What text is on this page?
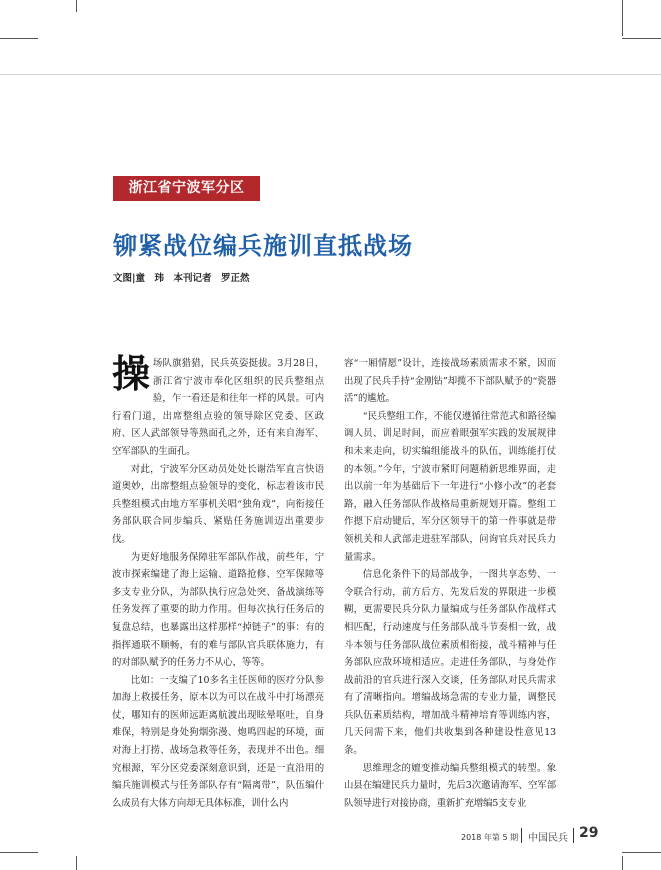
浙江省宁波军分区
铆紧战位编兵施训直抵战场
文图|童　玮　本刊记者　罗正然

操场队旗猎猎，民兵英姿挺拔。3月28日，浙江省宁波市奉化区组织的民兵整组点验，乍一看还是和往年一样的风景。可内行看门道，出席整组点验的领导除区党委、区政府、区人武部领导等熟面孔之外，还有来自海军、空军部队的生面孔。

对此，宁波军分区动员处处长谢浩军直言快语道奥妙，出席整组点验领导的变化，标志着该市民兵整组模式由地方军事机关唱“独角戏”，向衔接任务部队联合同步编兵、紧贴任务施训迈出重要步伐。

为更好地服务保障驻军部队作战，前些年，宁波市探索编建了海上运输、道路抢修、空军保障等多支专业分队，为部队执行应急处突、备战演练等任务发挥了重要的助力作用。但每次执行任务后的复盘总结，也暴露出这样那样“掉链子”的事：有的指挥通联不顺畅，有的难与部队官兵联体施力，有的对部队赋予的任务力不从心，等等。

比如：一支编了10多名主任医师的医疗分队参加海上救援任务，原本以为可以在战斗中打场漂亮仗，哪知有的医师远距离航渡出现眩晕呕吐，自身难保，特别是身处狗烟弥漫、炮鸣四起的环境，面对海上打捞、战场急救等任务，表现并不出色。细究根源，军分区党委深刻意识到，还是一直沿用的编兵施训模式与任务部队存有“隔离带”，队伍编什么成员有大体方向却无具体标准，训什么内

容“一厢情愿”设计，连接战场素质需求不紧，因而出现了民兵手持“金刚钻”却揽不下部队赋予的“瓷器活”的尴尬。

“民兵整组工作，不能仅遵循往常范式和路径编调人员、训足时间，而应着眼强军实践的发展规律和未来走向，切实编组能战斗的队伍，训练能打仗的本领。”今年，宁波市紧盯问题稍新思维界面，走出以前一年为基础后下一年进行“小修小改”的老套路，融入任务部队作战格局重新规划开篇。整组工作摁下启动键后，军分区领导干的第一件事就是带领机关和人武部走进驻军部队，问询官兵对民兵力量需求。

信息化条件下的局部战争，一图共享态势、一令联合行动，前方后方、先发后发的界限进一步模糊，更需要民兵分队力量编成与任务部队作战样式相匹配，行动速度与任务部队战斗节奏相一致，战斗本领与任务部队战位素质相衔接，战斗精神与任务部队应敌环境相适应。走进任务部队，与身处作战前沿的官兵进行深入交谈，任务部队对民兵需求有了清晰指向。增编战场急需的专业力量，调整民兵队伍素质结构，增加战斗精神培育等训练内容，几天问需下来，他们共收集到各种建设性意见13条。

思维理念的嬗变推动编兵整组模式的转型。象山县在编建民兵力量时，先后3次邀请海军、空军部队领导进行对接协商，重新扩充增编5支专业

2018 年第 5 期 中国民兵 29
